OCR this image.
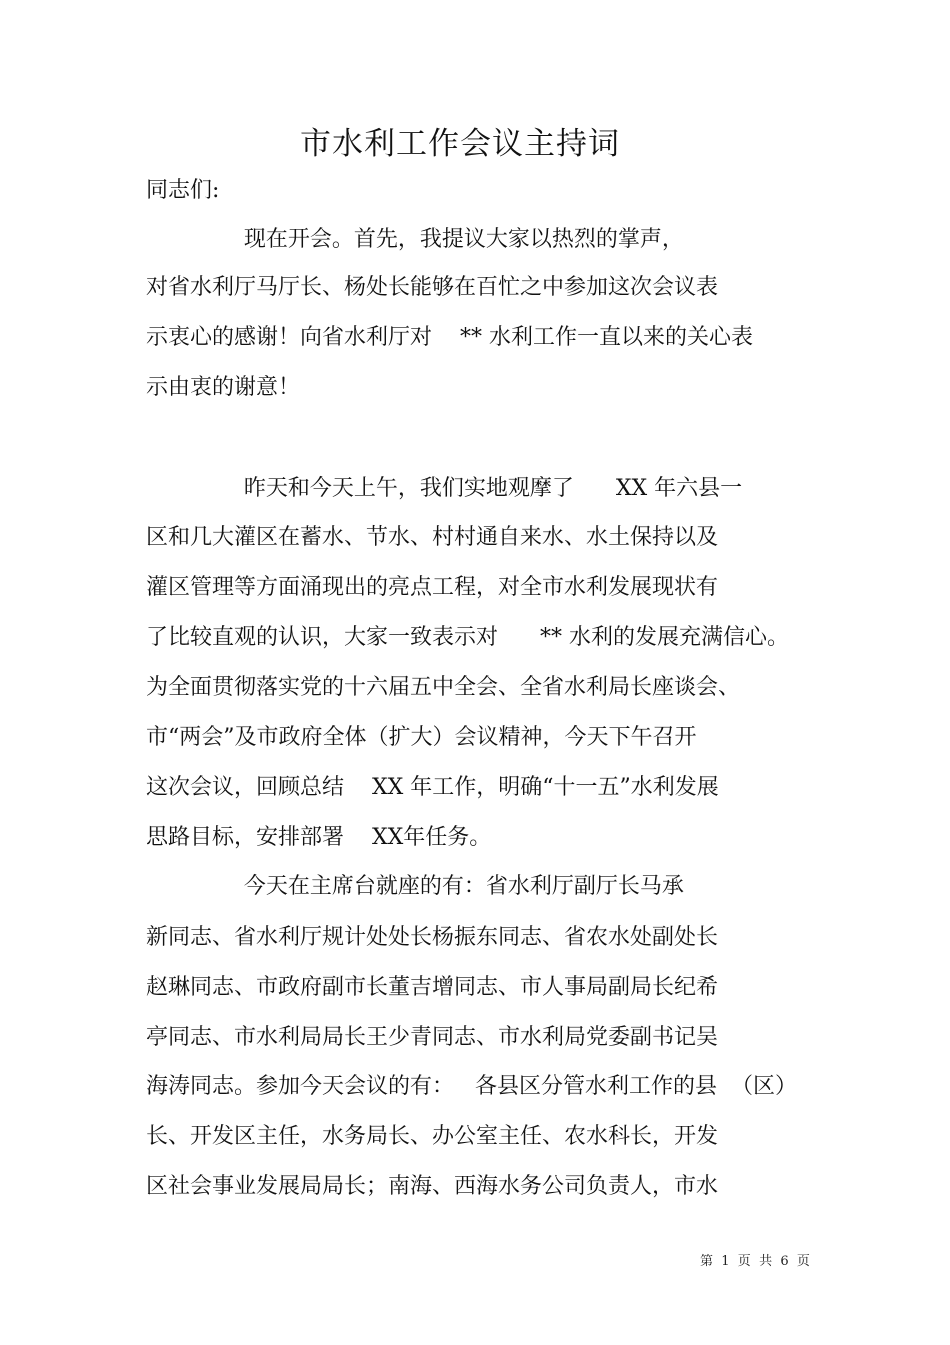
市水利工作会议主持词
同志们:
现在开会。首先，我提议大家以热烈的掌声，
对省水利厅马厅长、杨处长能够在百忙之中参加这次会议表
示衷心的感谢！向省水利厅对    ** 水利工作一直以来的关心表
示由衷的谢意！
昨天和今天上午，我们实地观摩了      XX 年六县一
区和几大灌区在蓄水、节水、村村通自来水、水土保持以及
灌区管理等方面涌现出的亮点工程，对全市水利发展现状有
了比较直观的认识，大家一致表示对      ** 水利的发展充满信心。
为全面贯彻落实党的十六届五中全会、全省水利局长座谈会、
市“两会”及市政府全体（扩大）会议精神，今天下午召开
这次会议，回顾总结    XX 年工作，明确“十一五”水利发展
思路目标，安排部署    XX年任务。
今天在主席台就座的有：省水利厅副厅长马承
新同志、省水利厅规计处处长杨振东同志、省农水处副处长
赵琳同志、市政府副市长董吉增同志、市人事局副局长纪希
亭同志、市水利局局长王少青同志、市水利局党委副书记吴
海涛同志。参加今天会议的有：   各县区分管水利工作的县  （区）
长、开发区主任，水务局长、办公室主任、农水科长，开发
区社会事业发展局局长；南海、西海水务公司负责人，市水
第  1  页  共  6  页
